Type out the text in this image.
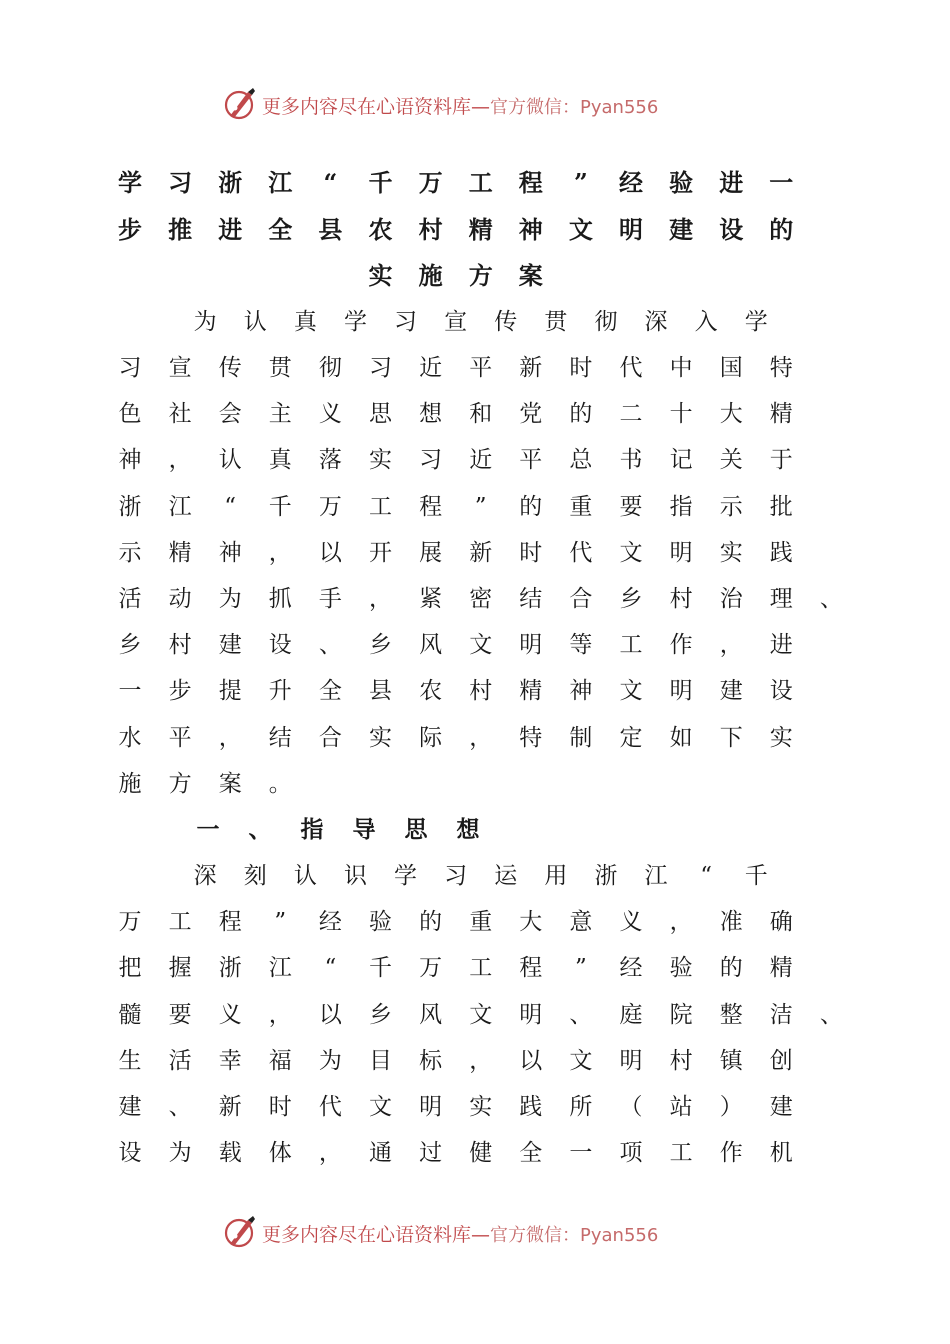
更多内容尽在心语资料库—官方微信：Pyan556
学	习	浙	江	“	千	万	工	程	”	经	验	进	一
步	推	进	全	县	农	村	精	神	文	明	建	设	的
实	施	方	案
为	认	真	学	习	宣	传	贯	彻	深	入	学
习	宣	传	贯	彻	习	近	平	新	时	代	中	国	特
色	社	会	主	义	思	想	和	党	的	二	十	大	精
神	，	认	真	落	实	习	近	平	总	书	记	关	于
浙	江	“	千	万	工	程	”	的	重	要	指	示	批
示	精	神	，	以	开	展	新	时	代	文	明	实	践
活	动	为	抓	手	，	紧	密	结	合	乡	村	治	理	、
乡	村	建	设	、	乡	风	文	明	等	工	作	，	进
一	步	提	升	全	县	农	村	精	神	文	明	建	设
水	平	，	结	合	实	际	，	特	制	定	如	下	实
施	方	案	。
一	、	指	导	思	想
深	刻	认	识	学	习	运	用	浙	江	“	千
万	工	程	”	经	验	的	重	大	意	义	，	准	确
把	握	浙	江	“	千	万	工	程	”	经	验	的	精
髓	要	义	，	以	乡	风	文	明	、	庭	院	整	洁	、
生	活	幸	福	为	目	标	，	以	文	明	村	镇	创
建	、	新	时	代	文	明	实	践	所	（	站	）	建
设	为	载	体	，	通	过	健	全	一	项	工	作	机
更多内容尽在心语资料库—官方微信：Pyan556
